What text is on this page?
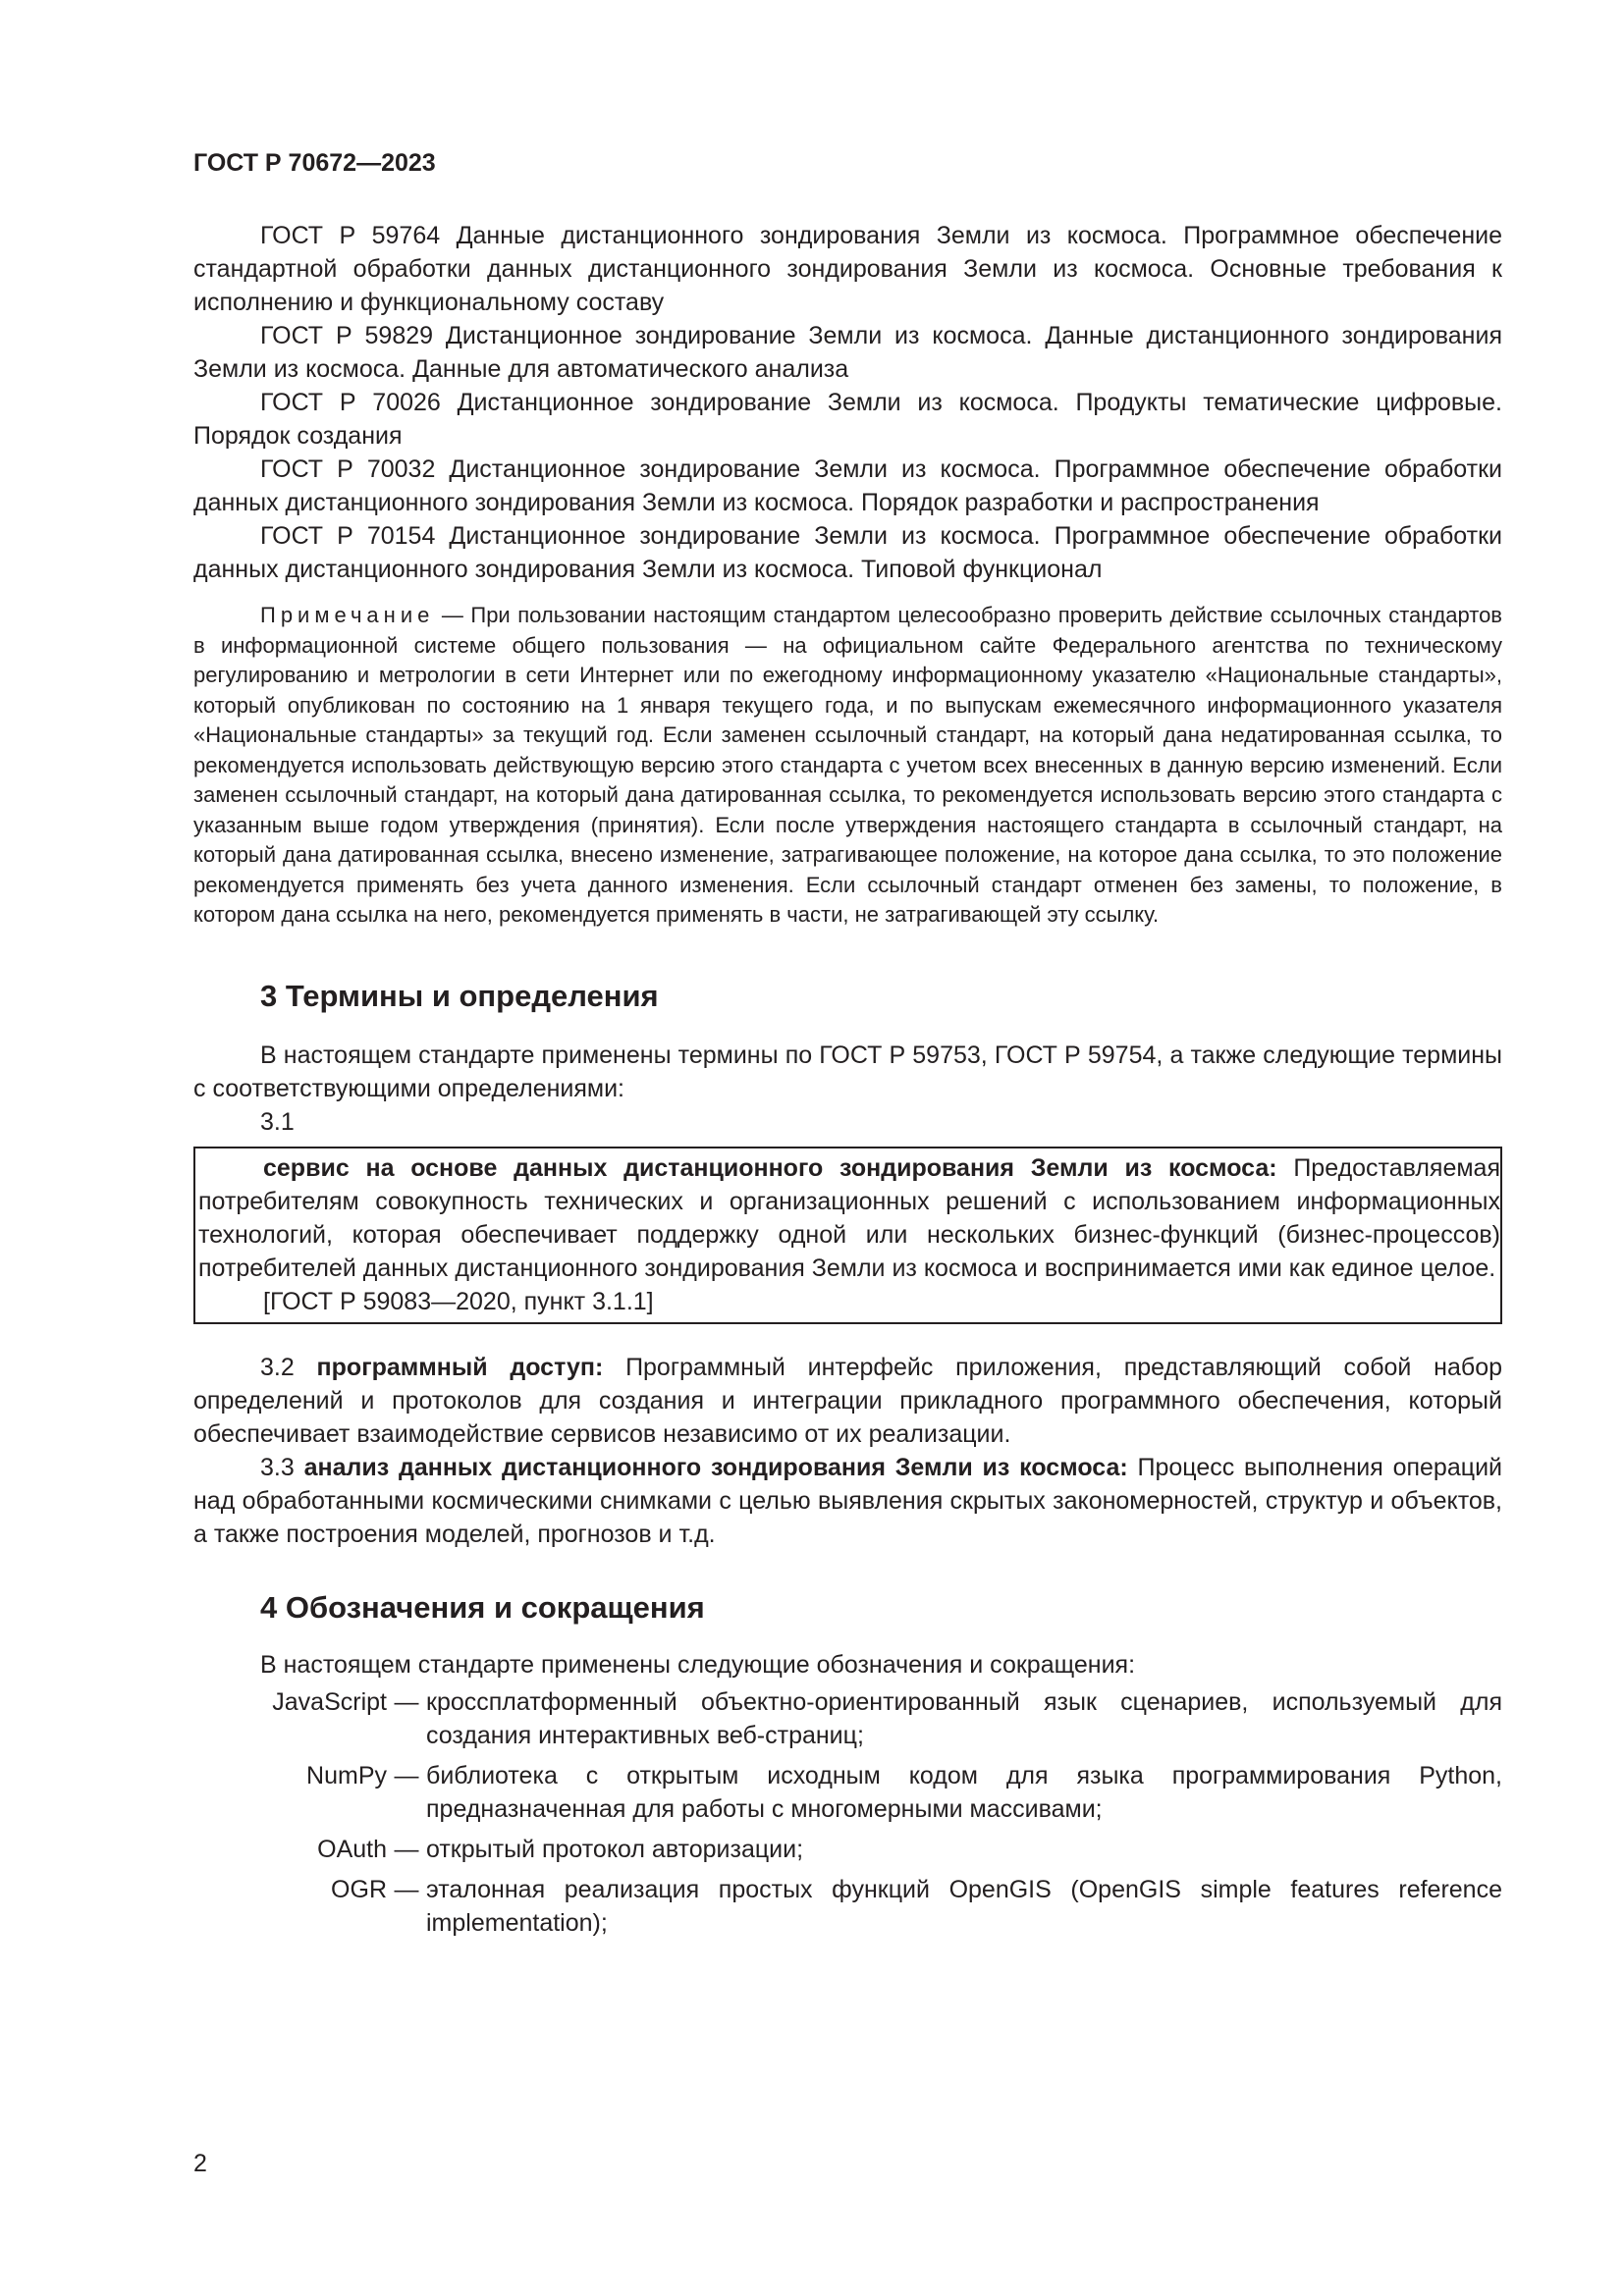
ГОСТ Р 70672—2023

ГОСТ Р 59764 Данные дистанционного зондирования Земли из космоса. Программное обеспечение стандартной обработки данных дистанционного зондирования Земли из космоса. Основные требования к исполнению и функциональному составу

ГОСТ Р 59829 Дистанционное зондирование Земли из космоса. Данные дистанционного зондирования Земли из космоса. Данные для автоматического анализа

ГОСТ Р 70026 Дистанционное зондирование Земли из космоса. Продукты тематические цифровые. Порядок создания

ГОСТ Р 70032 Дистанционное зондирование Земли из космоса. Программное обеспечение обработки данных дистанционного зондирования Земли из космоса. Порядок разработки и распространения

ГОСТ Р 70154 Дистанционное зондирование Земли из космоса. Программное обеспечение обработки данных дистанционного зондирования Земли из космоса. Типовой функционал

Примечание — При пользовании настоящим стандартом целесообразно проверить действие ссылочных стандартов в информационной системе общего пользования — на официальном сайте Федерального агентства по техническому регулированию и метрологии в сети Интернет или по ежегодному информационному указателю «Национальные стандарты», который опубликован по состоянию на 1 января текущего года, и по выпускам ежемесячного информационного указателя «Национальные стандарты» за текущий год. Если заменен ссылочный стандарт, на который дана недатированная ссылка, то рекомендуется использовать действующую версию этого стандарта с учетом всех внесенных в данную версию изменений. Если заменен ссылочный стандарт, на который дана датированная ссылка, то рекомендуется использовать версию этого стандарта с указанным выше годом утверждения (принятия). Если после утверждения настоящего стандарта в ссылочный стандарт, на который дана датированная ссылка, внесено изменение, затрагивающее положение, на которое дана ссылка, то это положение рекомендуется применять без учета данного изменения. Если ссылочный стандарт отменен без замены, то положение, в котором дана ссылка на него, рекомендуется применять в части, не затрагивающей эту ссылку.

3 Термины и определения

В настоящем стандарте применены термины по ГОСТ Р 59753, ГОСТ Р 59754, а также следующие термины с соответствующими определениями:

3.1

сервис на основе данных дистанционного зондирования Земли из космоса: Предоставляемая потребителям совокупность технических и организационных решений с использованием информационных технологий, которая обеспечивает поддержку одной или нескольких бизнес-функций (бизнес-процессов) потребителей данных дистанционного зондирования Земли из космоса и воспринимается ими как единое целое.

[ГОСТ Р 59083—2020, пункт 3.1.1]

3.2 программный доступ: Программный интерфейс приложения, представляющий собой набор определений и протоколов для создания и интеграции прикладного программного обеспечения, который обеспечивает взаимодействие сервисов независимо от их реализации.

3.3 анализ данных дистанционного зондирования Земли из космоса: Процесс выполнения операций над обработанными космическими снимками с целью выявления скрытых закономерностей, структур и объектов, а также построения моделей, прогнозов и т.д.

4 Обозначения и сокращения

В настоящем стандарте применены следующие обозначения и сокращения:

JavaScript — кроссплатформенный объектно-ориентированный язык сценариев, используемый для создания интерактивных веб-страниц;
NumPy — библиотека с открытым исходным кодом для языка программирования Python, предназначенная для работы с многомерными массивами;
OAuth — открытый протокол авторизации;
OGR — эталонная реализация простых функций OpenGIS (OpenGIS simple features reference implementation);
2
